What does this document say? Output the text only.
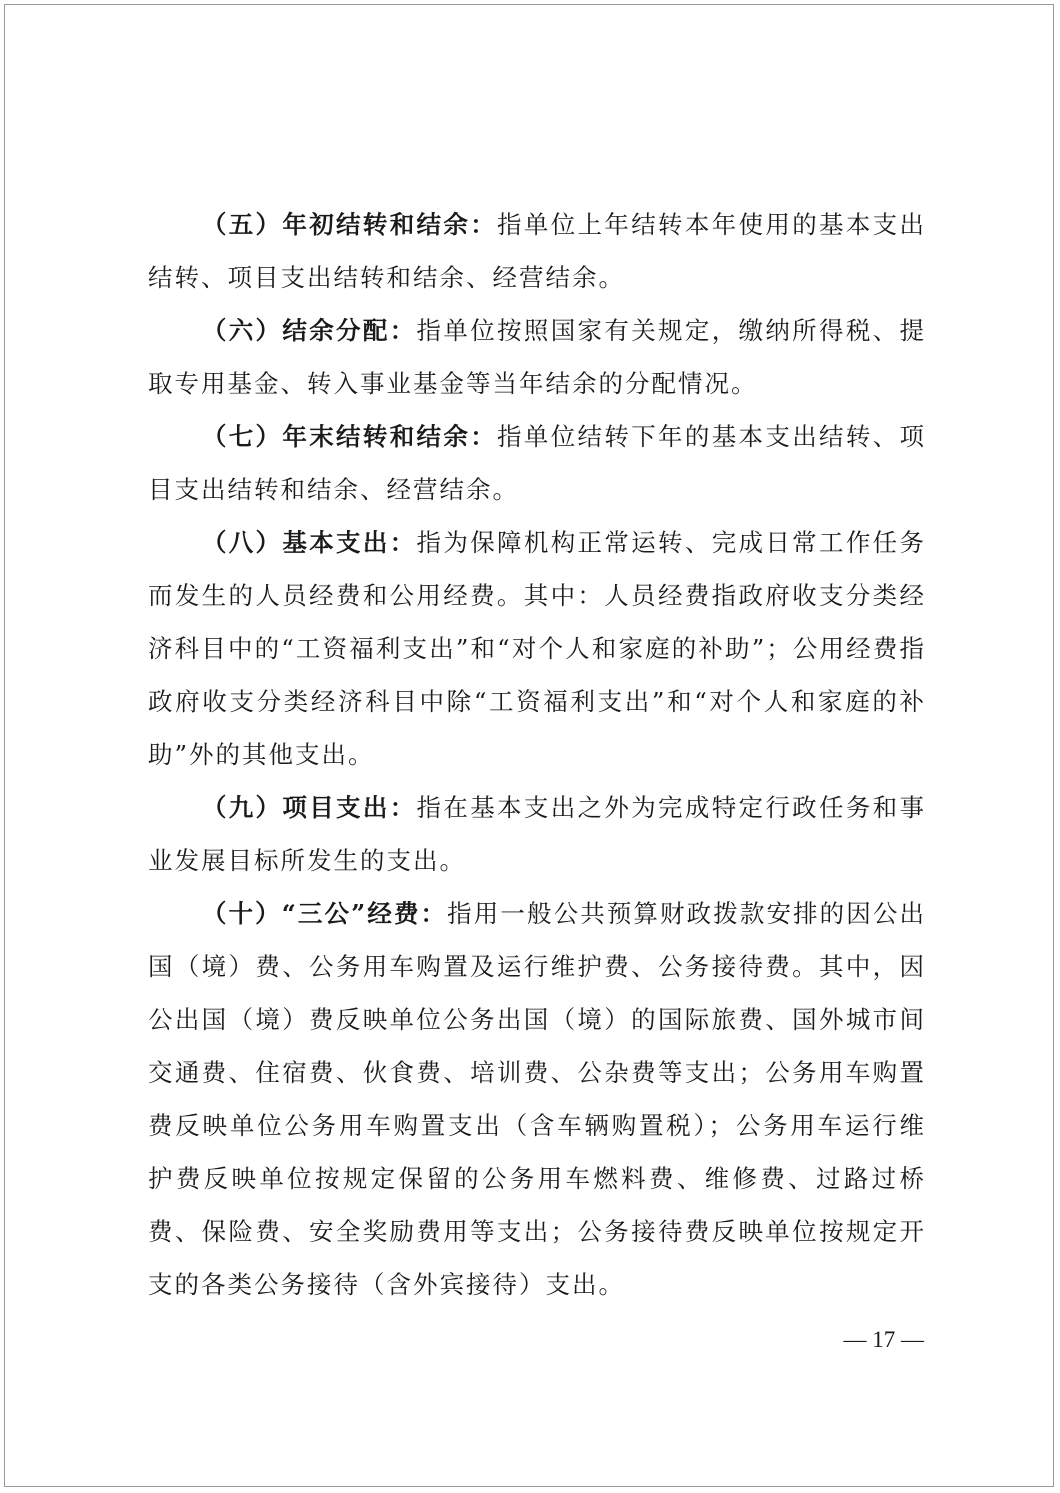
（五）年初结转和结余：指单位上年结转本年使用的基本支出结转、项目支出结转和结余、经营结余。

（六）结余分配：指单位按照国家有关规定，缴纳所得税、提取专用基金、转入事业基金等当年结余的分配情况。

（七）年末结转和结余：指单位结转下年的基本支出结转、项目支出结转和结余、经营结余。

（八）基本支出：指为保障机构正常运转、完成日常工作任务而发生的人员经费和公用经费。其中：人员经费指政府收支分类经济科目中的“工资福利支出”和“对个人和家庭的补助”；公用经费指政府收支分类经济科目中除“工资福利支出”和“对个人和家庭的补助”外的其他支出。

（九）项目支出：指在基本支出之外为完成特定行政任务和事业发展目标所发生的支出。

（十）“三公”经费：指用一般公共预算财政拨款安排的因公出国（境）费、公务用车购置及运行维护费、公务接待费。其中，因公出国（境）费反映单位公务出国（境）的国际旅费、国外城市间交通费、住宿费、伙食费、培训费、公杂费等支出；公务用车购置费反映单位公务用车购置支出（含车辆购置税）；公务用车运行维护费反映单位按规定保留的公务用车燃料费、维修费、过路过桥费、保险费、安全奖励费用等支出；公务接待费反映单位按规定开支的各类公务接待（含外宾接待）支出。

— 17 —
